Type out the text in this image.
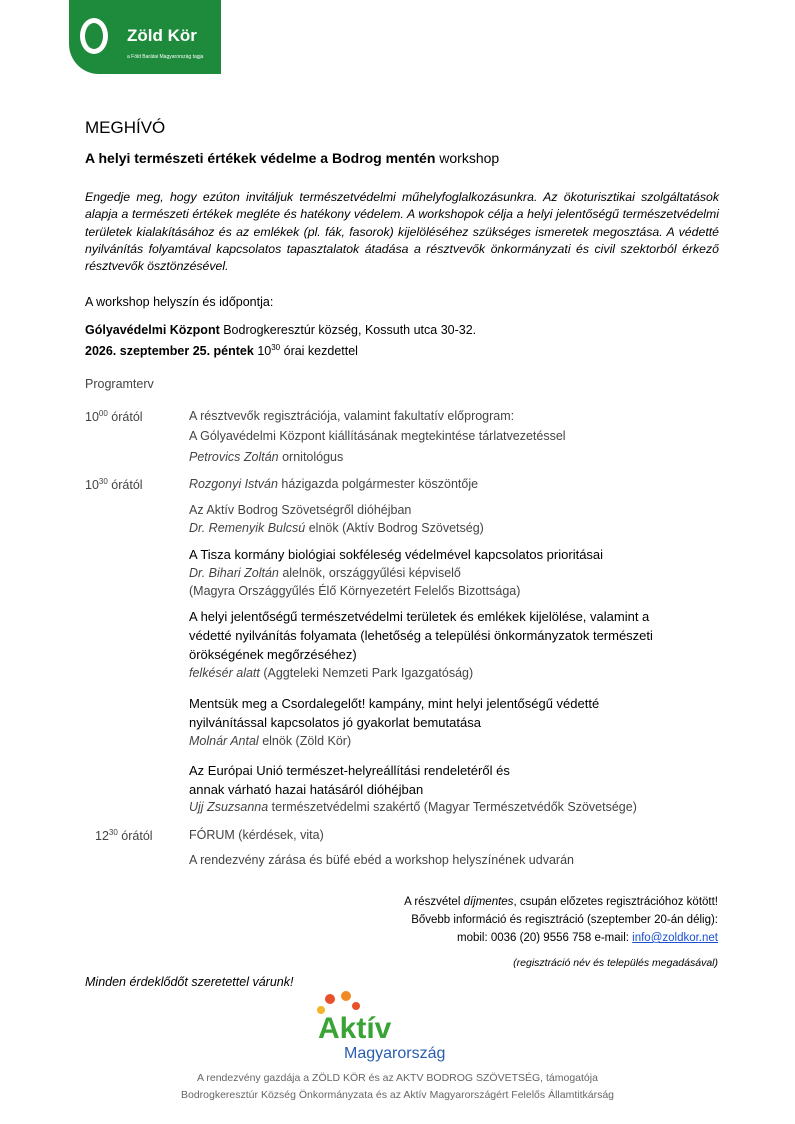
Zöld Kör
a Föld Barátai Magyarország tagja
MEGHÍVÓ
A helyi természeti értékek védelme a Bodrog mentén workshop
Engedje meg, hogy ezúton invitáljuk természetvédelmi műhelyfoglalkozásunkra. Az ökoturisztikai szolgáltatások alapja a természeti értékek megléte és hatékony védelem. A workshopok célja a helyi jelentőségű természetvédelmi területek kialakításához és az emlékek (pl. fák, fasorok) kijelöléséhez szükséges ismeretek megosztása. A védetté nyilvánítás folyamtával kapcsolatos tapasztalatok átadása a résztvevők önkormányzati és civil szektorból érkező résztvevők ösztönzésével.
A workshop helyszín és időpontja:
Gólyavédelmi Központ Bodrogkeresztúr község, Kossuth utca 30-32.
2026. szeptember 25. péntek $10^{30}$ órai kezdettel
Programterv
$10^{00}$ órától
$10^{30}$ órától
$12^{30}$ órától
A résztvevők regisztrációja, valamint fakultatív előprogram:
A Gólyavédelmi Központ kiállításának megtekintése tárlatvezetéssel
Petrovics Zoltán ornitológus
Rozgonyi István házigazda polgármester köszöntője
Az Aktív Bodrog Szövetségről dióhéjban
Dr. Remenyik Bulcsú elnök (Aktív Bodrog Szövetség)
A Tisza kormány biológiai sokféleség védelmével kapcsolatos prioritásai
Dr. Bihari Zoltán alelnök, országgyűlési képviselő
(Magyra Országgyűlés Élő Környezetért Felelős Bizottsága)
A helyi jelentőségű természetvédelmi területek és emlékek kijelölése, valamint a
védetté nyilvánítás folyamata (lehetőség a települési önkormányzatok természeti
örökségének megőrzéséhez)
felkésér alatt (Aggteleki Nemzeti Park Igazgatóság)
Mentsük meg a Csordalegelőt! kampány, mint helyi jelentőségű védetté
nyilvánítással kapcsolatos jó gyakorlat bemutatása
Molnár Antal elnök (Zöld Kör)
Az Európai Unió természet-helyreállítási rendeletéről és
annak várható hazai hatásáról dióhéjban
Ujj Zsuzsanna természetvédelmi szakértő (Magyar Természetvédők Szövetsége)
FÓRUM (kérdések, vita)
A rendezvény zárása és büfé ebéd a workshop helyszínének udvarán
A részvétel díjmentes, csupán előzetes regisztrációhoz kötött!
Bővebb információ és regisztráció (szeptember 20-án délig):
mobil: 0036 (20) 9556 758 e-mail: info@zoldkor.net
(regisztráció név és település megadásával)
Minden érdeklődőt szeretettel várunk!
Aktív
Magyarország
A rendezvény gazdája a ZÖLD KÖR és az AKTV BODROG SZÖVETSÉG, támogatója
Bodrogkeresztúr Község Önkormányzata és az Aktív Magyarországért Felelős Államtitkárság
